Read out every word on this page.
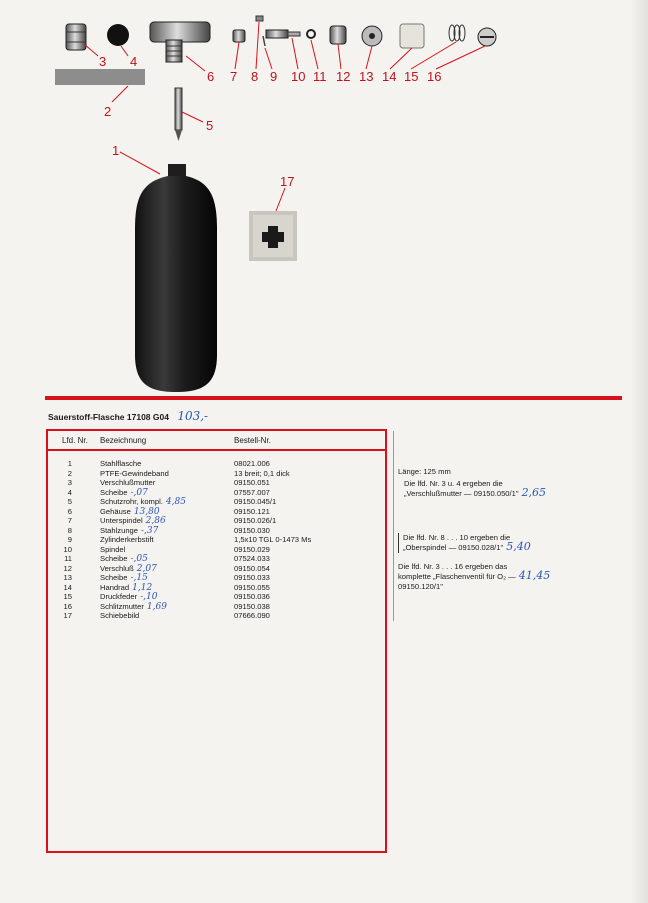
3 4
6 7 8 9 10 11 12 13 14 15 16
2
5
1
17
Sauerstoff-Flasche 17108 G04 103,-
Lfd. Nr. Bezeichnung	Bestell-Nr.
1	Stahlflasche	08021.006
2	PTFE-Gewindeband	13 breit; 0,1 dick
3	Verschlußmutter	09150.051
4	Scheibe -,07	07557.007
5	Schutzrohr, kompl. 4,85	09150.045/1
6	Gehäuse 13,80	09150.121
7	Unterspindel 2,86	09150.026/1
8	Stahlzunge -,37	09150.030
9	Zylinderkerbstift	1,5x10 TGL 0-1473 Ms
10	Spindel	09150.029
11	Scheibe -,05	07524.033
12	Verschluß 2,07	09150.054
13	Scheibe -,15	09150.033
14	Handrad 1,12	09150.055
15	Druckfeder -,10	09150.036
16	Schlitzmutter 1,69	09150.038
17	Schiebebild	07666.090
Länge: 125 mm
Die lfd. Nr. 3 u. 4 ergeben die
„Verschlußmutter — 09150.050/1" 2,65
Die lfd. Nr. 8 . . . 10 ergeben die
„Oberspindel — 09150.028/1" 5,40
Die lfd. Nr. 3 . . . 16 ergeben das
komplette „Flaschenventil für O₂ — 41,45
09150.120/1"
